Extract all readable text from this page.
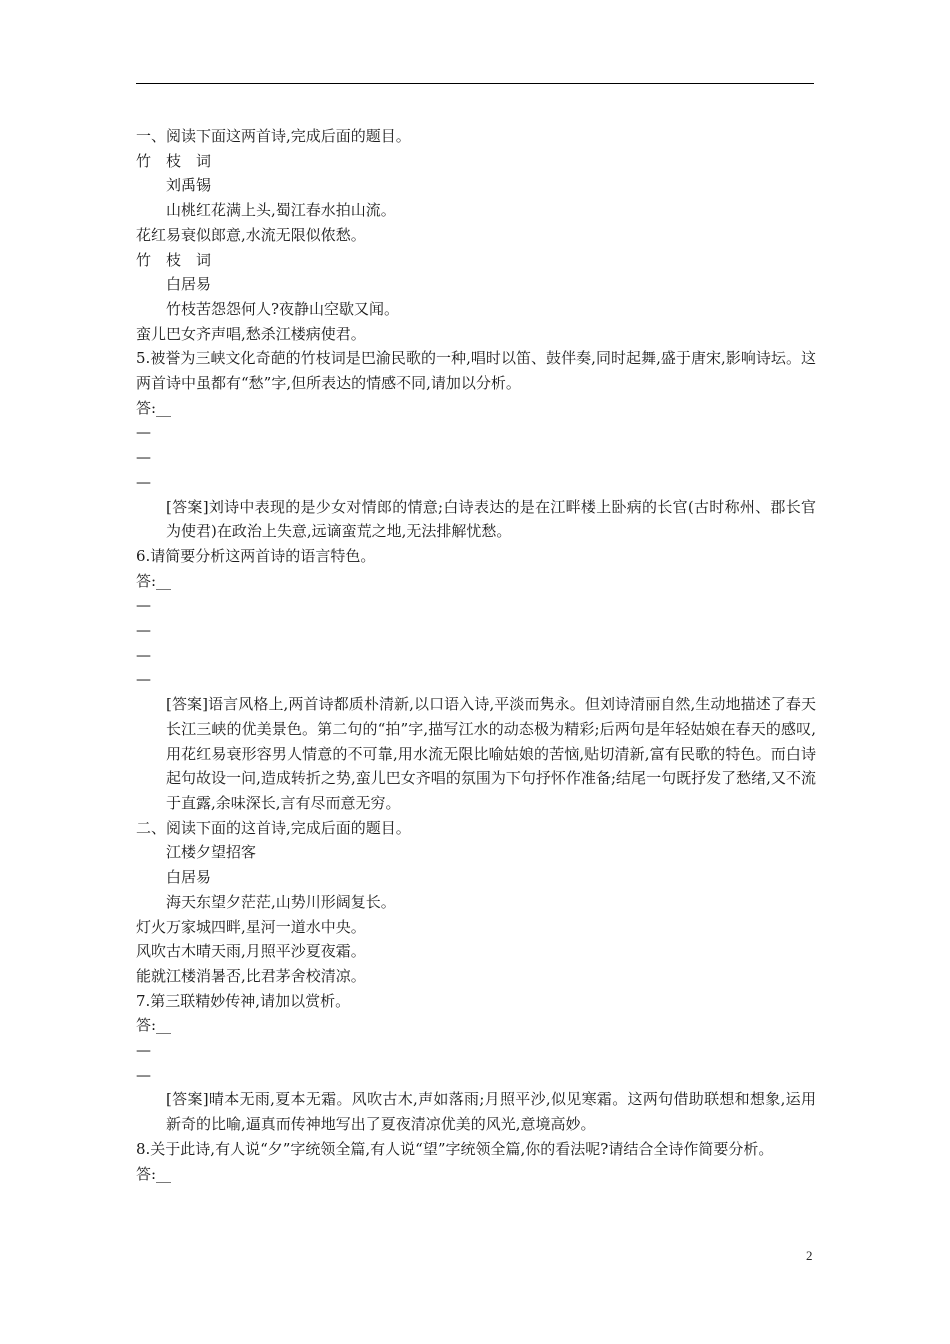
一、阅读下面这两首诗,完成后面的题目。
竹枝词
刘禹锡
山桃红花满上头,蜀江春水拍山流。
花红易衰似郎意,水流无限似侬愁。
竹枝词
白居易
竹枝苦怨怨何人?夜静山空歇又闻。
蛮儿巴女齐声唱,愁杀江楼病使君。
5.被誉为三峡文化奇葩的竹枝词是巴渝民歌的一种,唱时以笛、鼓伴奏,同时起舞,盛于唐宋,影响诗坛。这两首诗中虽都有“愁”字,但所表达的情感不同,请加以分析。
答:__
—
—
—
[答案]刘诗中表现的是少女对情郎的情意;白诗表达的是在江畔楼上卧病的长官(古时称州、郡长官为使君)在政治上失意,远谪蛮荒之地,无法排解忧愁。
6.请简要分析这两首诗的语言特色。
答:__
—
—
—
—
[答案]语言风格上,两首诗都质朴清新,以口语入诗,平淡而隽永。但刘诗清丽自然,生动地描述了春天长江三峡的优美景色。第二句的“拍”字,描写江水的动态极为精彩;后两句是年轻姑娘在春天的感叹,用花红易衰形容男人情意的不可靠,用水流无限比喻姑娘的苦恼,贴切清新,富有民歌的特色。而白诗起句故设一问,造成转折之势,蛮儿巴女齐唱的氛围为下句抒怀作准备;结尾一句既抒发了愁绪,又不流于直露,余味深长,言有尽而意无穷。
二、阅读下面的这首诗,完成后面的题目。
江楼夕望招客
白居易
海天东望夕茫茫,山势川形阔复长。
灯火万家城四畔,星河一道水中央。
风吹古木晴天雨,月照平沙夏夜霜。
能就江楼消暑否,比君茅舍校清凉。
7.第三联精妙传神,请加以赏析。
答:__
—
—
[答案]晴本无雨,夏本无霜。风吹古木,声如落雨;月照平沙,似见寒霜。这两句借助联想和想象,运用新奇的比喻,逼真而传神地写出了夏夜清凉优美的风光,意境高妙。
8.关于此诗,有人说“夕”字统领全篇,有人说“望”字统领全篇,你的看法呢?请结合全诗作简要分析。
答:__
2
